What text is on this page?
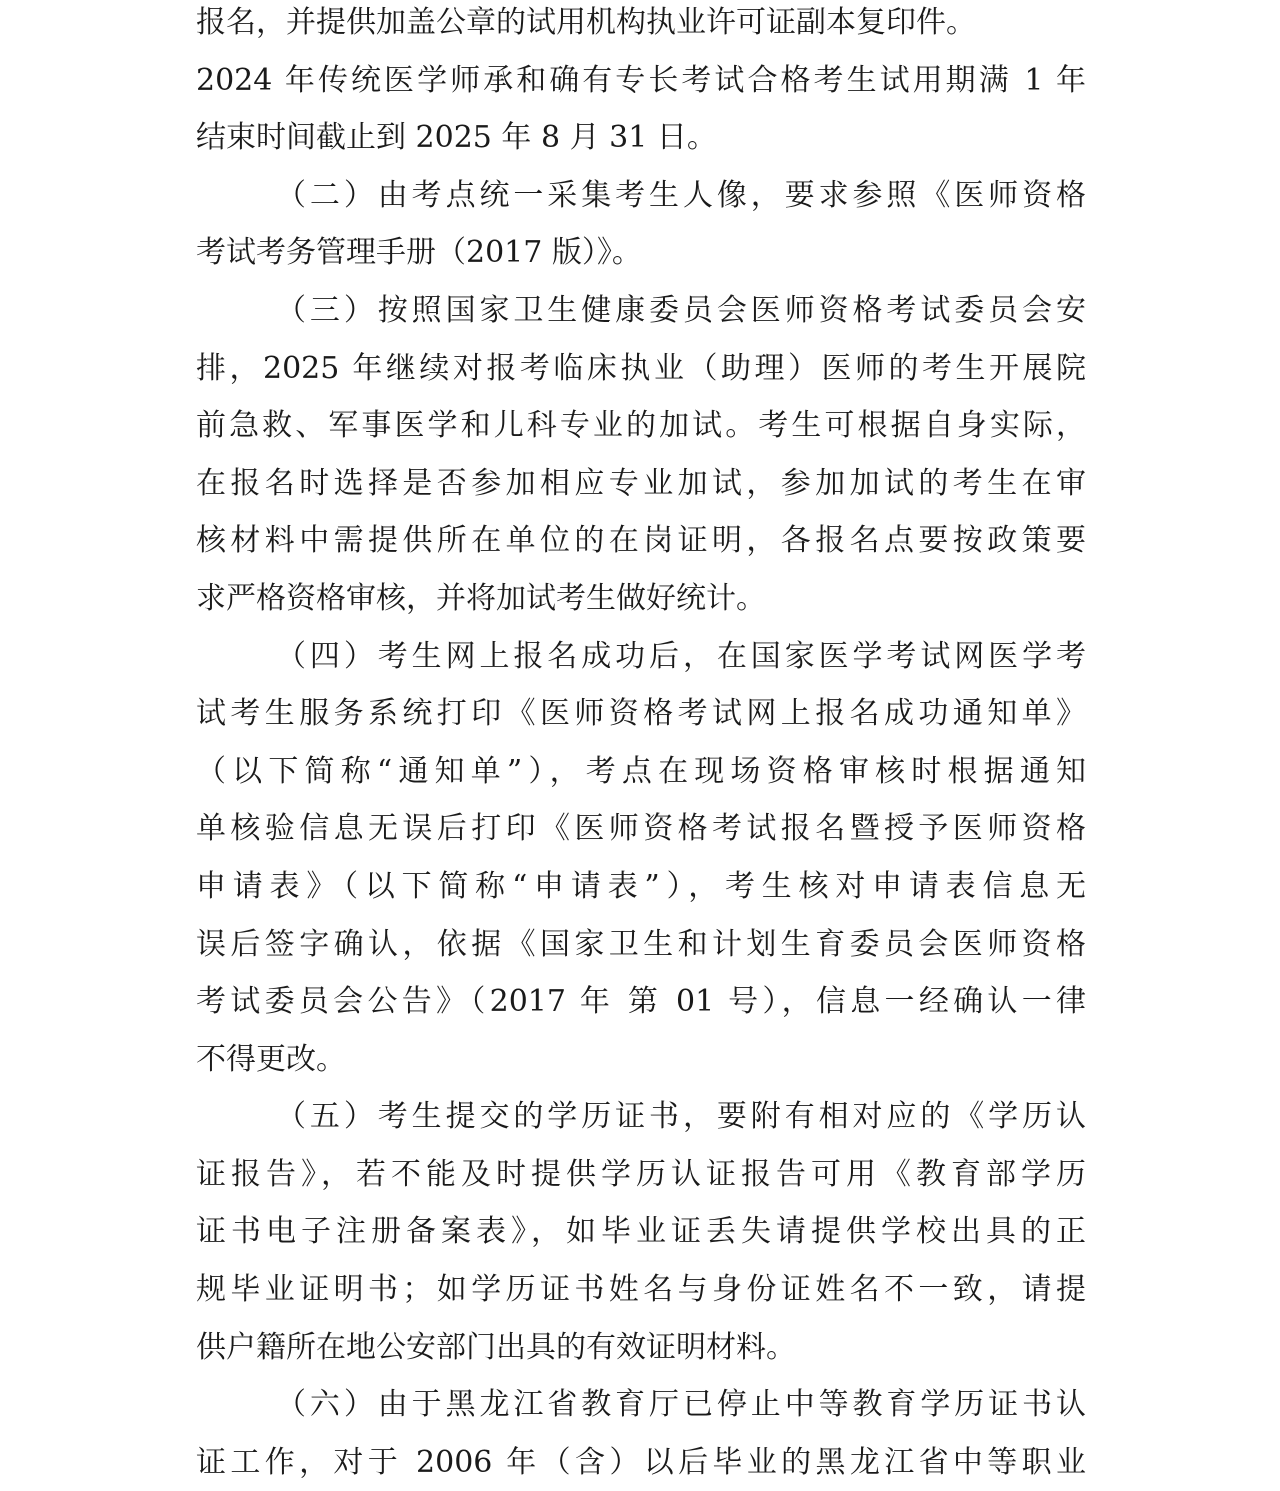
报名，并提供加盖公章的试用机构执业许可证副本复印件。
2024 年传统医学师承和确有专长考试合格考生试用期满 1 年
结束时间截止到 2025 年 8 月 31 日。
（二）由考点统一采集考生人像，要求参照《医师资格
考试考务管理手册（2017 版）》。
（三）按照国家卫生健康委员会医师资格考试委员会安
排，2025 年继续对报考临床执业（助理）医师的考生开展院
前急救、军事医学和儿科专业的加试。考生可根据自身实际，
在报名时选择是否参加相应专业加试，参加加试的考生在审
核材料中需提供所在单位的在岗证明，各报名点要按政策要
求严格资格审核，并将加试考生做好统计。
（四）考生网上报名成功后，在国家医学考试网医学考
试考生服务系统打印《医师资格考试网上报名成功通知单》
（以下简称“通知单”），考点在现场资格审核时根据通知
单核验信息无误后打印《医师资格考试报名暨授予医师资格
申请表》（以下简称“申请表”），考生核对申请表信息无
误后签字确认，依据《国家卫生和计划生育委员会医师资格
考试委员会公告》（2017 年 第 01 号），信息一经确认一律
不得更改。
（五）考生提交的学历证书，要附有相对应的《学历认
证报告》，若不能及时提供学历认证报告可用《教育部学历
证书电子注册备案表》，如毕业证丢失请提供学校出具的正
规毕业证明书；如学历证书姓名与身份证姓名不一致，请提
供户籍所在地公安部门出具的有效证明材料。
（六）由于黑龙江省教育厅已停止中等教育学历证书认
证工作，对于 2006 年（含）以后毕业的黑龙江省中等职业
